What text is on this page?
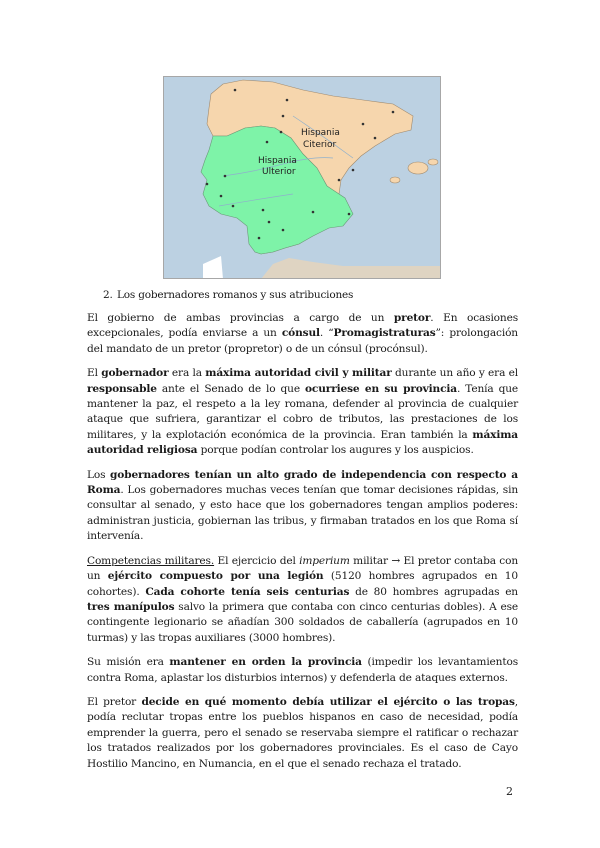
Hispania
Ulterior
Hispania
Citerior
2. Los gobernadores romanos y sus atribuciones

El gobierno de ambas provincias a cargo de un pretor. En ocasiones excepcionales, podía enviarse a un cónsul. “Promagistraturas”: prolongación del mandato de un pretor (propretor) o de un cónsul (procónsul).

El gobernador era la máxima autoridad civil y militar durante un año y era el responsable ante el Senado de lo que ocurriese en su provincia. Tenía que mantener la paz, el respeto a la ley romana, defender al provincia de cualquier ataque que sufriera, garantizar el cobro de tributos, las prestaciones de los militares, y la explotación económica de la provincia. Eran también la máxima autoridad religiosa porque podían controlar los augures y los auspicios.

Los gobernadores tenían un alto grado de independencia con respecto a Roma. Los gobernadores muchas veces tenían que tomar decisiones rápidas, sin consultar al senado, y esto hace que los gobernadores tengan amplios poderes: administran justicia, gobiernan las tribus, y firmaban tratados en los que Roma sí intervenía.

Competencias militares. El ejercicio del imperium militar → El pretor contaba con un ejército compuesto por una legión (5120 hombres agrupados en 10 cohortes). Cada cohorte tenía seis centurias de 80 hombres agrupadas en tres manípulos salvo la primera que contaba con cinco centurias dobles). A ese contingente legionario se añadían 300 soldados de caballería (agrupados en 10 turmas) y las tropas auxiliares (3000 hombres).

Su misión era mantener en orden la provincia (impedir los levantamientos contra Roma, aplastar los disturbios internos) y defenderla de ataques externos.

El pretor decide en qué momento debía utilizar el ejército o las tropas, podía reclutar tropas entre los pueblos hispanos en caso de necesidad, podía emprender la guerra, pero el senado se reservaba siempre el ratificar o rechazar los tratados realizados por los gobernadores provinciales. Es el caso de Cayo Hostilio Mancino, en Numancia, en el que el senado rechaza el tratado.

2
